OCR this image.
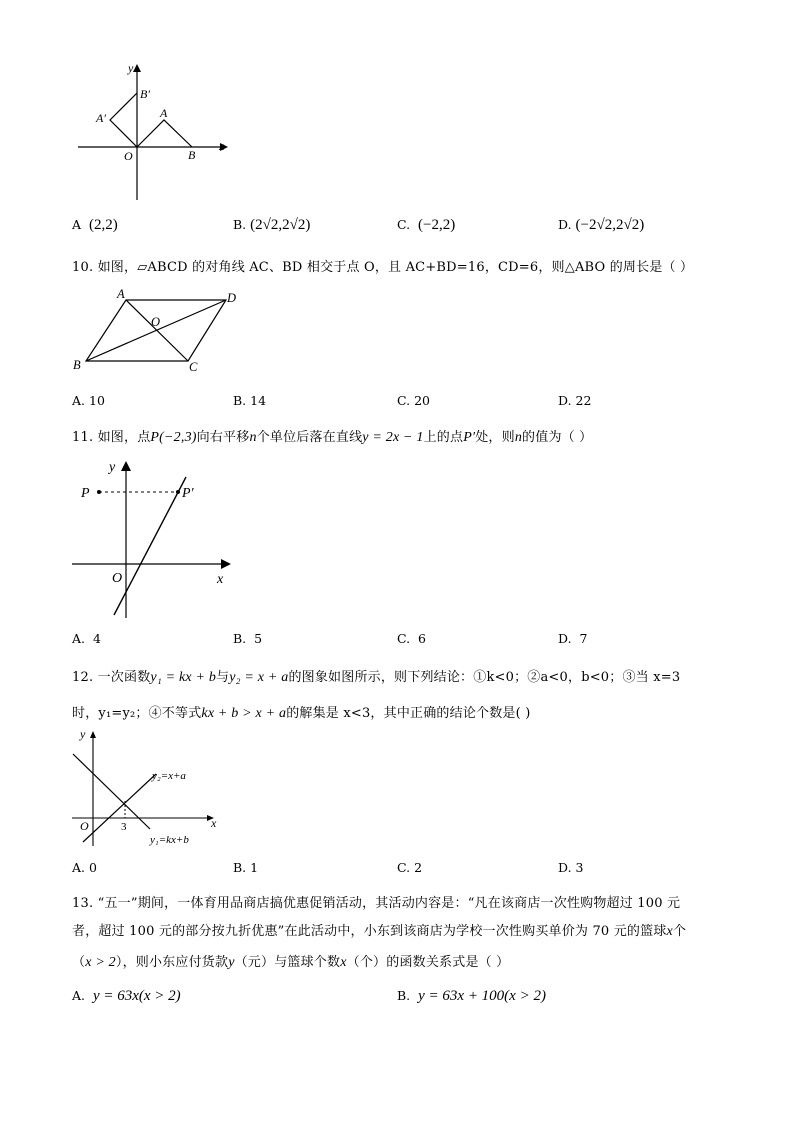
y
x
O
A
B
A′
B′
A (2,2)	B. (2√2,2√2)	C. (−2,2)	D. (−2√2,2√2)
10. 如图，▱ABCD 的对角线 AC、BD 相交于点 O，且 AC+BD=16，CD=6，则△ABO 的周长是（ ）
A	D
B	C
O
A. 10	B. 14	C. 20	D. 22
11. 如图，点P(−2,3)向右平移n个单位后落在直线y = 2x − 1上的点P′处，则n的值为（ ）
y
x
O
P	P′
A. 4	B. 5	C. 6	D. 7
12. 一次函数y₁ = kx + b与y₂ = x + a的图象如图所示，则下列结论：①k<0；②a<0，b<0；③当 x=3
时，y₁=y₂；④不等式kx + b > x + a的解集是 x<3，其中正确的结论个数是( )
y
x
O	3
y₂=x+a
y₁=kx+b
A. 0	B. 1	C. 2	D. 3
13. “五一”期间，一体育用品商店搞优惠促销活动，其活动内容是：“凡在该商店一次性购物超过 100 元
者，超过 100 元的部分按九折优惠”在此活动中，小东到该商店为学校一次性购买单价为 70 元的篮球x个
（x > 2），则小东应付货款y（元）与篮球个数x（个）的函数关系式是（ ）
A. y = 63x(x > 2)	B. y = 63x + 100(x > 2)
